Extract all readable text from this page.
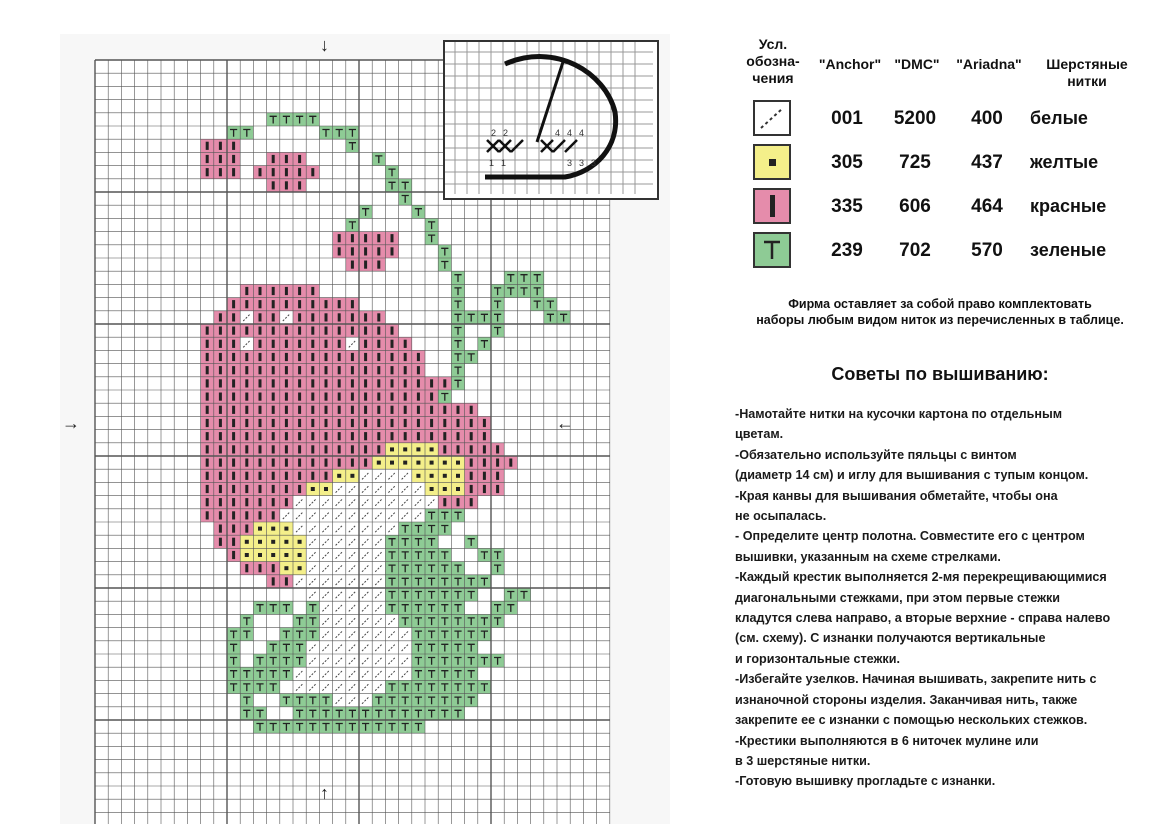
↓
↑
→	←
2 2	4 4 4
1 1	3 3 3
Усл.
обозна-
чения
"Anchor" "DMC"	"Ariadna"	Шерстяные
нитки
001	5200	400	белые
305	725	437	желтые
335	606	464	красные
239	702	570	зеленые
Фирма оставляет за собой право комплектовать
наборы любым видом ниток из перечисленных в таблице.
Советы по вышиванию:
-Намотайте нитки на кусочки картона по отдельным
цветам.
-Обязательно используйте пяльцы с винтом
(диаметр 14 см) и иглу для вышивания с тупым концом.
-Края канвы для вышивания обметайте, чтобы она
не осыпалась.
- Определите центр полотна. Совместите его с центром
вышивки, указанным на схеме стрелками.
-Каждый крестик выполняется 2-мя перекрещивающимися
диагональными стежками, при этом первые стежки
кладутся слева направо, а вторые верхние - справа налево
(см. схему). С изнанки получаются вертикальные
и горизонтальные стежки.
-Избегайте узелков. Начиная вышивать, закрепите нить с
изнаночной стороны изделия. Заканчивая нить, также
закрепите ее с изнанки с помощью нескольких стежков.
-Крестики выполняются в 6 ниточек мулине или
в 3 шерстяные нитки.
-Готовую вышивку прогладьте с изнанки.
